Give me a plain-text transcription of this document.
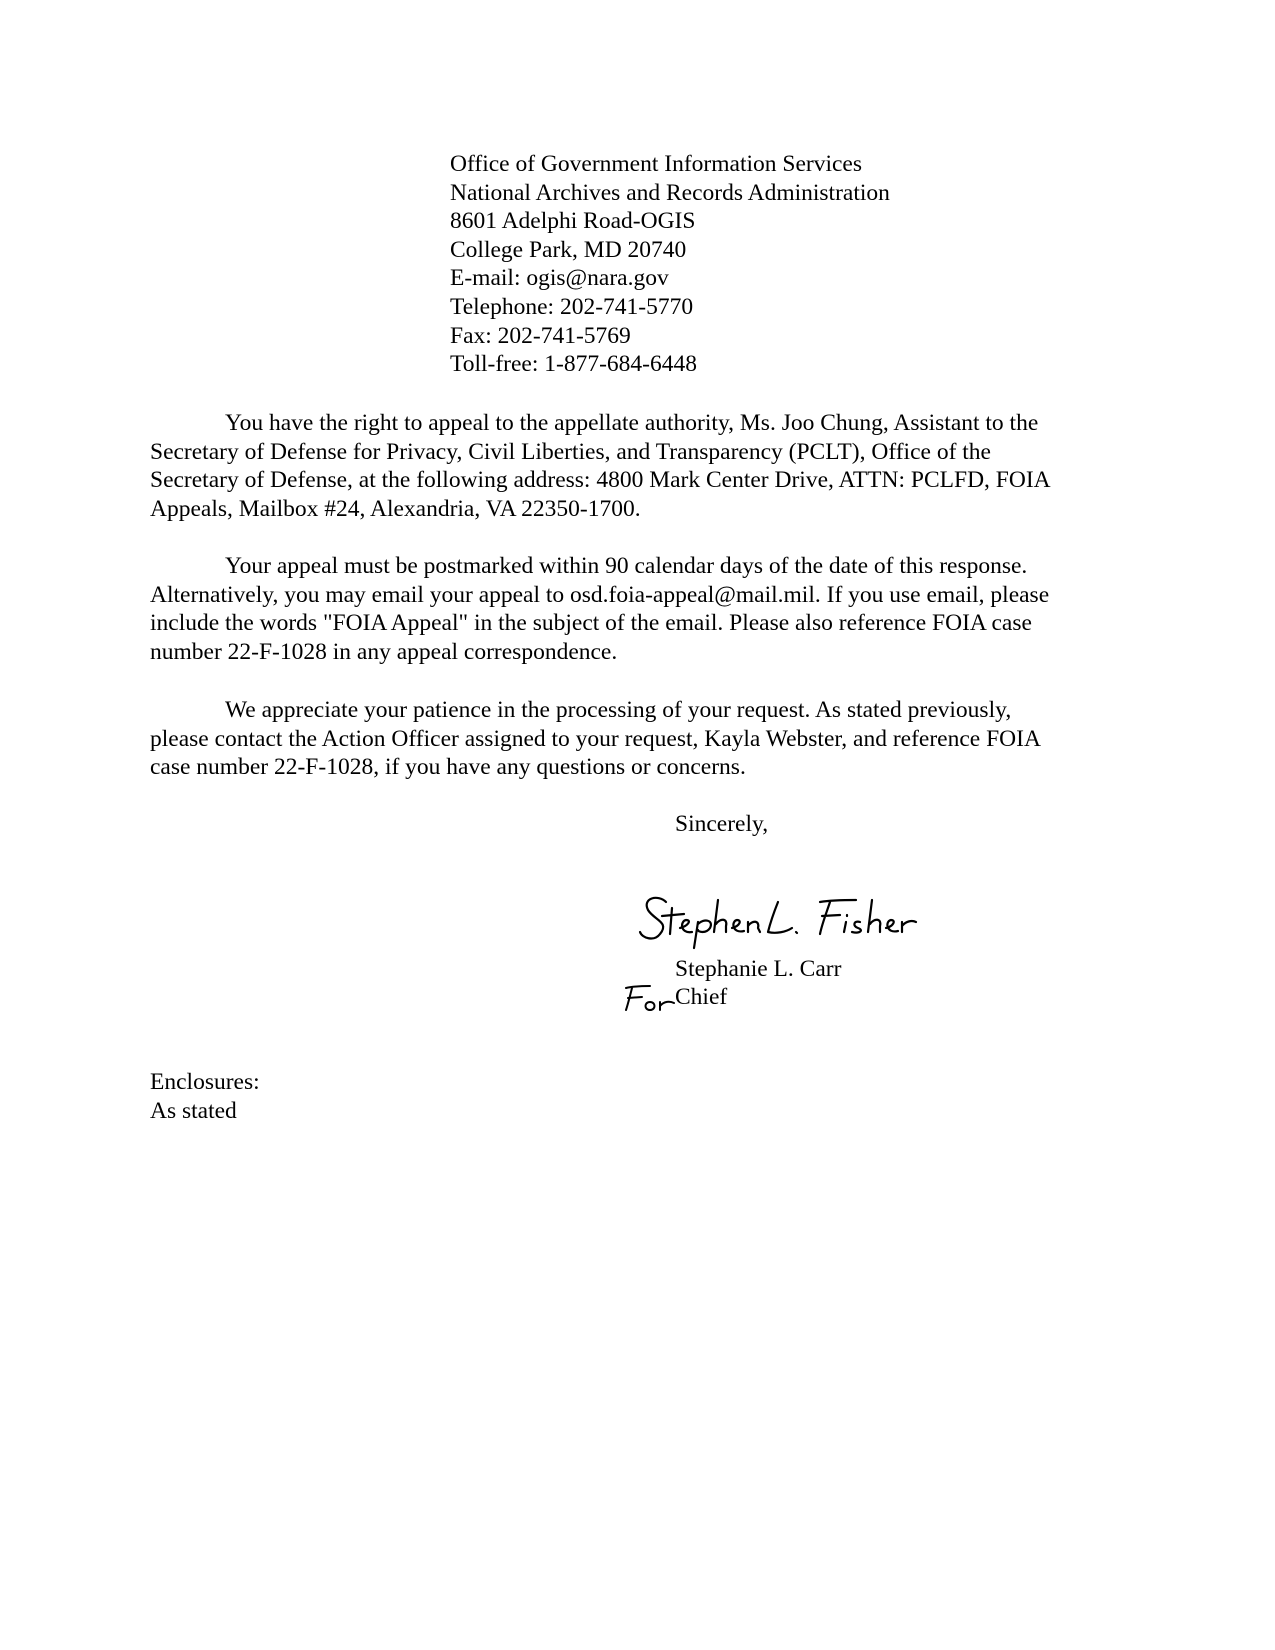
Office of Government Information Services
National Archives and Records Administration
8601 Adelphi Road-OGIS
College Park, MD 20740
E-mail: ogis@nara.gov
Telephone: 202-741-5770
Fax: 202-741-5769
Toll-free: 1-877-684-6448

You have the right to appeal to the appellate authority, Ms. Joo Chung, Assistant to the
Secretary of Defense for Privacy, Civil Liberties, and Transparency (PCLT), Office of the
Secretary of Defense, at the following address: 4800 Mark Center Drive, ATTN: PCLFD, FOIA
Appeals, Mailbox #24, Alexandria, VA 22350-1700.

Your appeal must be postmarked within 90 calendar days of the date of this response.
Alternatively, you may email your appeal to osd.foia-appeal@mail.mil. If you use email, please
include the words "FOIA Appeal" in the subject of the email. Please also reference FOIA case
number 22-F-1028 in any appeal correspondence.

We appreciate your patience in the processing of your request. As stated previously,
please contact the Action Officer assigned to your request, Kayla Webster, and reference FOIA
case number 22-F-1028, if you have any questions or concerns.

Sincerely,
Stephanie L. Carr
Chief
Enclosures:
As stated
